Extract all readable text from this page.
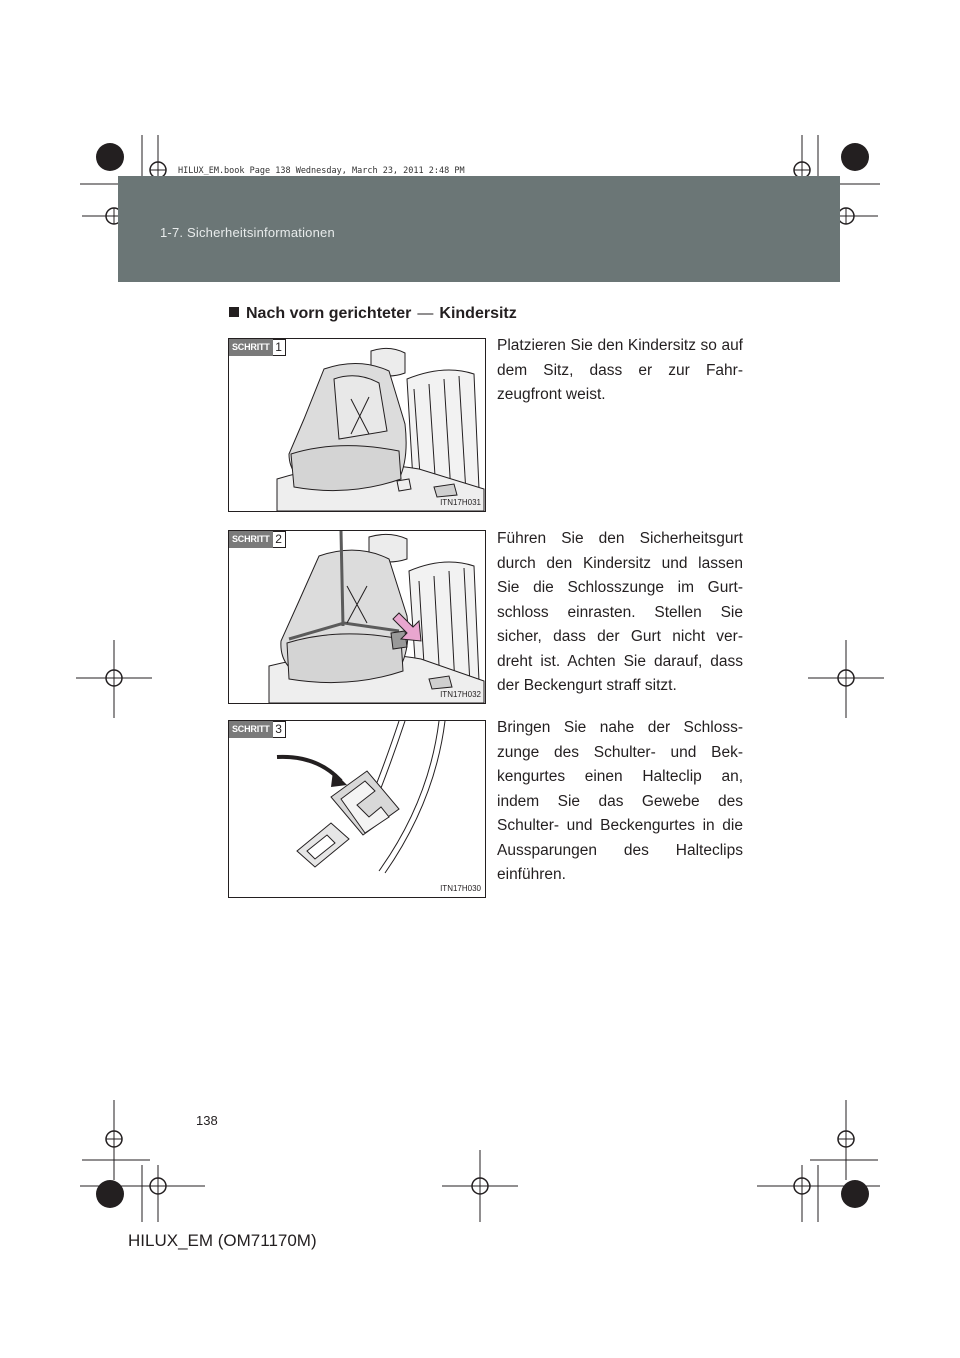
HILUX_EM.book Page 138 Wednesday, March 23, 2011 2:48 PM
1-7. Sicherheitsinformationen
Nach vorn gerichteter — Kindersitz
SCHRITT 1
ITN17H031
Platzieren Sie den Kindersitz so auf dem Sitz, dass er zur Fahr-zeugfront weist.
SCHRITT 2
ITN17H032
Führen Sie den Sicherheitsgurt durch den Kindersitz und lassen Sie die Schlosszunge im Gurt-schloss einrasten. Stellen Sie sicher, dass der Gurt nicht ver-dreht ist. Achten Sie darauf, dass der Beckengurt straff sitzt.
SCHRITT 3
ITN17H030
Bringen Sie nahe der Schloss-zunge des Schulter- und Bek-kengurtes einen Halteclip an, indem Sie das Gewebe des Schulter- und Beckengurtes in die Aussparungen des Halteclips einführen.
138
HILUX_EM (OM71170M)
